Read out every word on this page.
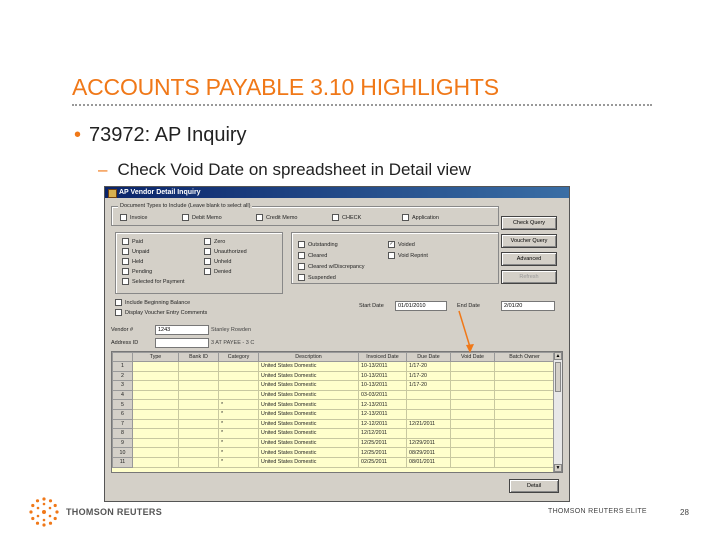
ACCOUNTS PAYABLE 3.10 HIGHLIGHTS
• 73972: AP Inquiry
– Check Void Date on spreadsheet in Detail view
AP Vendor Detail Inquiry
Document Types to Include (Leave blank to select all)
Invoice	Debit Memo	Credit Memo	CHECK	Application
Paid
Unpaid
Held
Pending
Selected for Payment
Zero
Unauthorized
Unheld
Denied
Outstanding
Cleared
Cleared w/Discrepancy
Suspended
✓ Voided
Void Reprint
Start Date	01/01/2010	End Date	2/01/20
Include Beginning Balance
Display Voucher Entry Comments
Check Query
Voucher Query
Advanced
Refresh
Vendor #	1243	Stanley Rowden
Address ID	3 AT PAYEE - 3 C
	Type	Bank ID	Category	Description	Invoiced Date	Due Date	Void Date	Batch Owner
1				United States Domestic	10-13/2011	1/17-20		
2				United States Domestic	10-13/2011	1/17-20		
3				United States Domestic	10-13/2011	1/17-20		
4				United States Domestic	03-03/2011			
5			*	United States Domestic	12-13/2011			
6			*	United States Domestic	12-13/2011			
7			*	United States Domestic	12-12/2011	12/21/2011		
8			*	United States Domestic	12/12/2011			
9			*	United States Domestic	12/25/2011	12/29/2011		
10			*	United States Domestic	12/25/2011	08/29/2011		
11			*	United States Domestic	02/25/2011	08/01/2011		
▲
▼
Detail
THOMSON REUTERS	THOMSON REUTERS ELITE	28
